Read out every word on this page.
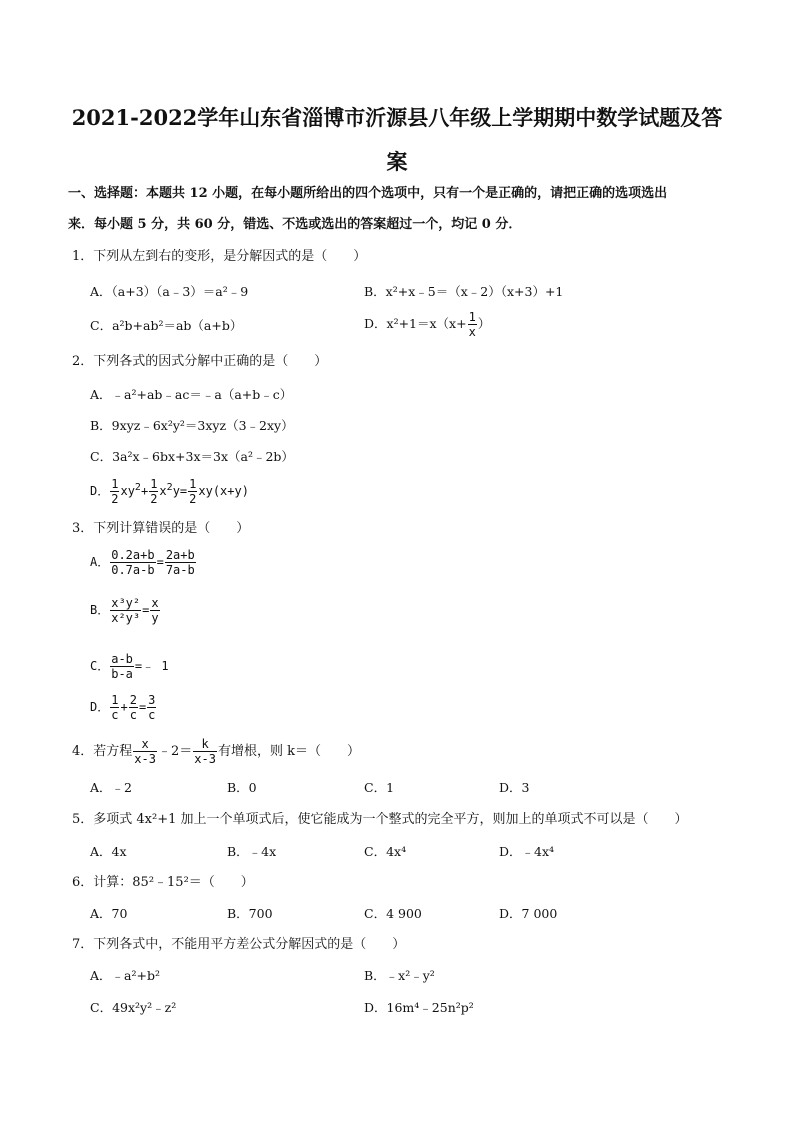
2021-2022学年山东省淄博市沂源县八年级上学期期中数学试题及答
案
一、选择题：本题共 12 小题，在每小题所给出的四个选项中，只有一个是正确的，请把正确的选项选出
来．每小题 5 分，共 60 分，错选、不选或选出的答案超过一个，均记 0 分．
1．下列从左到右的变形，是分解因式的是（　　）
A．（a+3）（a﹣3）＝a²﹣9	B．x²+x﹣5＝（x﹣2）（x+3）+1
C．a²b+ab²＝ab（a+b）	D．$x^2+1=x(x+ \frac{1}{x}$ ）
2．下列各式的因式分解中正确的是（　　）
A．﹣a²+ab﹣ac＝﹣a（a+b﹣c）
B．9xyz﹣6x²y²＝3xyz（3﹣2xy）
C．3a²x﹣6bx+3x＝3x（a²﹣2b）
D． $\frac{1}{2} xy^2+ \frac{1}{2} x^2y= \frac{1}{2} xy(x+y)$
3．下列计算错误的是（　　）
A． $\frac{0.2a+b}{0.7a-b} = \frac{2a+b}{7a-b}$
B． $\frac{\text{x³y²}}{\text{x²y³}} = \frac{x}{y}$
C． $\frac{a-b}{b-a}$ =﹣ 1
D． $\frac{1}{c} + \frac{2}{c} = \frac{3}{c}$
4．若方程 $\frac{x}{x-3}$ ﹣2＝ $\frac{k}{x-3}$ 有增根，则 k＝（　　）
A．﹣2	B．0	C．1	D．3
5．多项式 4x²+1 加上一个单项式后，使它能成为一个整式的完全平方，则加上的单项式不可以是（　　）
A．4x	B．﹣4x	C．4x⁴	D．﹣4x⁴
6．计算：85²﹣15²＝（　　）
A．70	B．700	C．4 900	D．7 000
7．下列各式中，不能用平方差公式分解因式的是（　　）
A．﹣a²+b²	B．﹣x²﹣y²
C．49x²y²﹣z²	D．16m⁴﹣25n²p²
